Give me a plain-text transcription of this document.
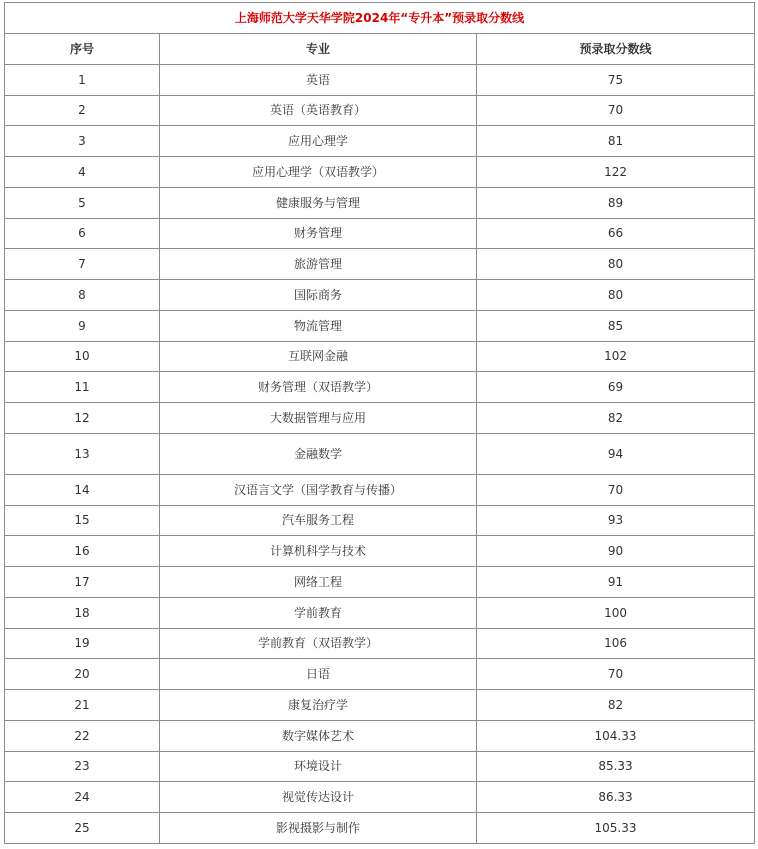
上海师范大学天华学院2024年“专升本”预录取分数线		
序号	专业	预录取分数线
1	英语	75
2	英语（英语教育）	70
3	应用心理学	81
4	应用心理学（双语教学）	122
5	健康服务与管理	89
6	财务管理	66
7	旅游管理	80
8	国际商务	80
9	物流管理	85
10	互联网金融	102
11	财务管理（双语教学）	69
12	大数据管理与应用	82
13	金融数学	94
14	汉语言文学（国学教育与传播）	70
15	汽车服务工程	93
16	计算机科学与技术	90
17	网络工程	91
18	学前教育	100
19	学前教育（双语教学）	106
20	日语	70
21	康复治疗学	82
22	数字媒体艺术	104.33
23	环境设计	85.33
24	视觉传达设计	86.33
25	影视摄影与制作	105.33
